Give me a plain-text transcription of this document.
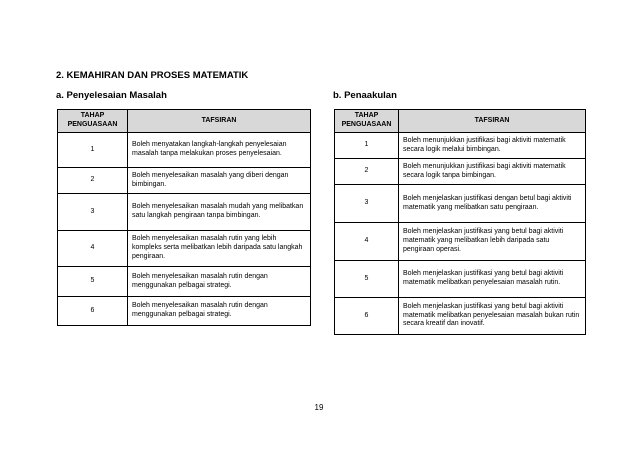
2. KEMAHIRAN DAN PROSES MATEMATIK
a. Penyelesaian Masalah	b. Penaakulan
TAHAP PENGUASAAN	TAFSIRAN
1	Boleh menyatakan langkah-langkah penyelesaian masalah tanpa melakukan proses penyelesaian.
2	Boleh menyelesaikan masalah yang diberi dengan bimbingan.
3	Boleh menyelesaikan masalah mudah yang melibatkan satu langkah pengiraan tanpa bimbingan.
4	Boleh menyelesaikan masalah rutin yang lebih kompleks serta melibatkan lebih daripada satu langkah pengiraan.
5	Boleh menyelesaikan masalah rutin dengan menggunakan pelbagai strategi.
6	Boleh menyelesaikan masalah rutin dengan menggunakan pelbagai strategi.
TAHAP PENGUASAAN	TAFSIRAN
1	Boleh menunjukkan justifikasi bagi aktiviti matematik secara logik melalui bimbingan.
2	Boleh menunjukkan justifikasi bagi aktiviti matematik secara logik tanpa bimbingan.
3	Boleh menjelaskan justifikasi dengan betul bagi aktiviti matematik yang melibatkan satu pengiraan.
4	Boleh menjelaskan justifikasi yang betul bagi aktiviti matematik yang melibatkan lebih daripada satu pengiraan operasi.
5	Boleh menjelaskan justifikasi yang betul bagi aktiviti matematik melibatkan penyelesaian masalah rutin.
6	Boleh menjelaskan justifikasi yang betul bagi aktiviti matematik melibatkan penyelesaian masalah bukan rutin secara kreatif dan inovatif.
19
